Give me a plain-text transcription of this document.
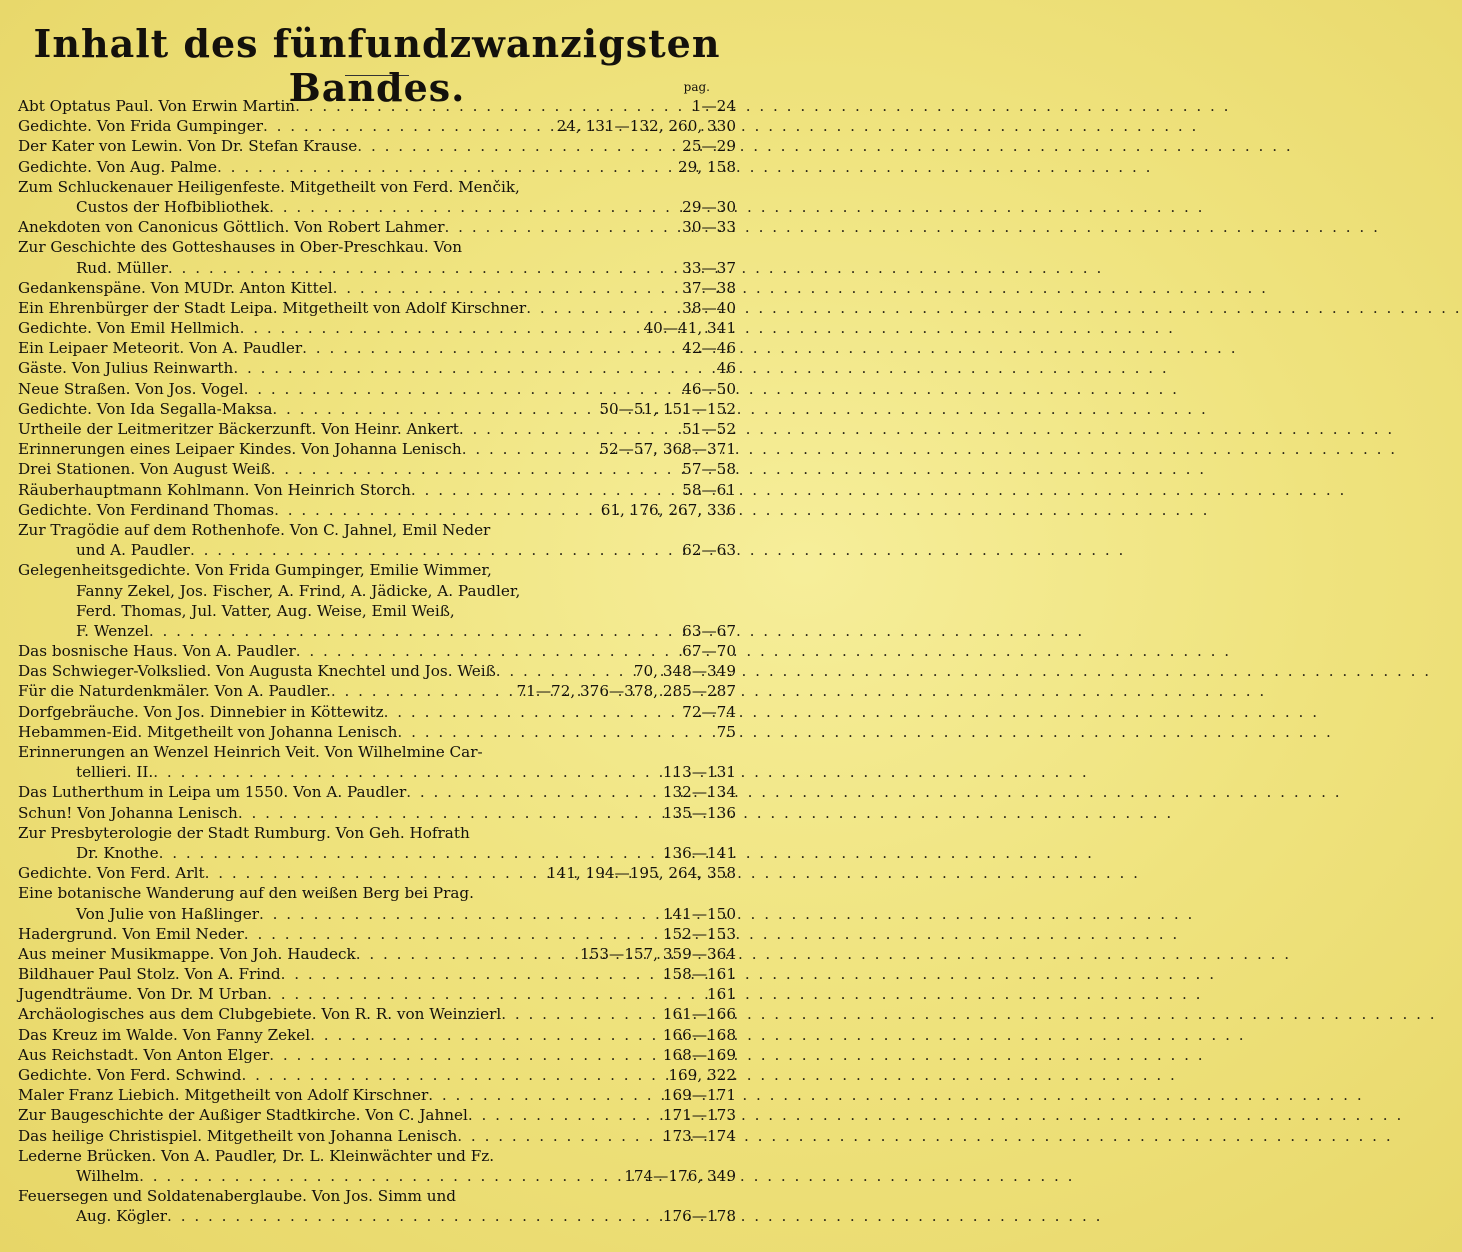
Inhalt des fünfundzwanzigsten Bandes.	pag.
Abt Optatus Paul. Von Erwin Martin . . .	1—24
Gedichte. Von Frida Gumpinger . . .	24, 131—132, 260, 330
Der Kater von Lewin. Von Dr. Stefan Krause . . .	25—29
Gedichte. Von Aug. Palme . . .	29, 158
Zum Schluckenauer Heiligenfeste. Mitgetheilt von Ferd. Menčik,
Custos der Hofbibliothek . . .	29—30
Anekdoten von Canonicus Göttlich. Von Robert Lahmer . . .	30—33
Zur Geschichte des Gotteshauses in Ober-Preschkau. Von
Rud. Müller . . .	33—37
Gedankenspäne. Von MUDr. Anton Kittel . . .	37—38
Ein Ehrenbürger der Stadt Leipa. Mitgetheilt von Adolf Kirschner . . .	38—40
Gedichte. Von Emil Hellmich . . .	40—41, 341
Ein Leipaer Meteorit. Von A. Paudler . . .	42—46
Gäste. Von Julius Reinwarth . . .	46
Neue Straßen. Von Jos. Vogel . . .	46—50
Gedichte. Von Ida Segalla-Maksa . . .	50—51, 151—152
Urtheile der Leitmeritzer Bäckerzunft. Von Heinr. Ankert . . .	51—52
Erinnerungen eines Leipaer Kindes. Von Johanna Lenisch . . .	52—57, 368—371
Drei Stationen. Von August Weiß . . .	57—58
Räuberhauptmann Kohlmann. Von Heinrich Storch . . .	58—61
Gedichte. Von Ferdinand Thomas . . .	61, 176, 267, 336
Zur Tragödie auf dem Rothenhofe. Von C. Jahnel, Emil Neder
und A. Paudler . . .	62—63
Gelegenheitsgedichte. Von Frida Gumpinger, Emilie Wimmer,
Fanny Zekel, Jos. Fischer, A. Frind, A. Jädicke, A. Paudler,
Ferd. Thomas, Jul. Vatter, Aug. Weise, Emil Weiß,
F. Wenzel . . .	63—67
Das bosnische Haus. Von A. Paudler . . .	67—70
Das Schwieger-Volkslied. Von Augusta Knechtel und Jos. Weiß . . .	70, 348—349
Für die Naturdenkmäler. Von A. Paudler. . . .	71—72, 376—378, 285—287
Dorfgebräuche. Von Jos. Dinnebier in Köttewitz . . .	72—74
Hebammen-Eid. Mitgetheilt von Johanna Lenisch . . .	75
Erinnerungen an Wenzel Heinrich Veit. Von Wilhelmine Car-
tellieri. II. . . .	113—131
Das Lutherthum in Leipa um 1550. Von A. Paudler . . .	132—134
Schun! Von Johanna Lenisch . . .	135—136
Zur Presbyterologie der Stadt Rumburg. Von Geh. Hofrath
Dr. Knothe . . .	136—141
Gedichte. Von Ferd. Arlt . . .	141, 194—195, 264, 358
Eine botanische Wanderung auf den weißen Berg bei Prag.
Von Julie von Haßlinger . . .	141—150
Hadergrund. Von Emil Neder . . .	152—153
Aus meiner Musikmappe. Von Joh. Haudeck . . .	153—157, 359—364
Bildhauer Paul Stolz. Von A. Frind . . .	158—161
Jugendträume. Von Dr. M Urban . . .	161
Archäologisches aus dem Clubgebiete. Von R. R. von Weinzierl . . .	161—166
Das Kreuz im Walde. Von Fanny Zekel . . .	166—168
Aus Reichstadt. Von Anton Elger . . .	168—169
Gedichte. Von Ferd. Schwind . . .	169, 322
Maler Franz Liebich. Mitgetheilt von Adolf Kirschner . . .	169—171
Zur Baugeschichte der Außiger Stadtkirche. Von C. Jahnel . . .	171—173
Das heilige Christispiel. Mitgetheilt von Johanna Lenisch . . .	173—174
Lederne Brücken. Von A. Paudler, Dr. L. Kleinwächter und Fz.
Wilhelm . . .	174—176, 349
Feuersegen und Soldatenaberglaube. Von Jos. Simm und
Aug. Kögler . . .	176—178
